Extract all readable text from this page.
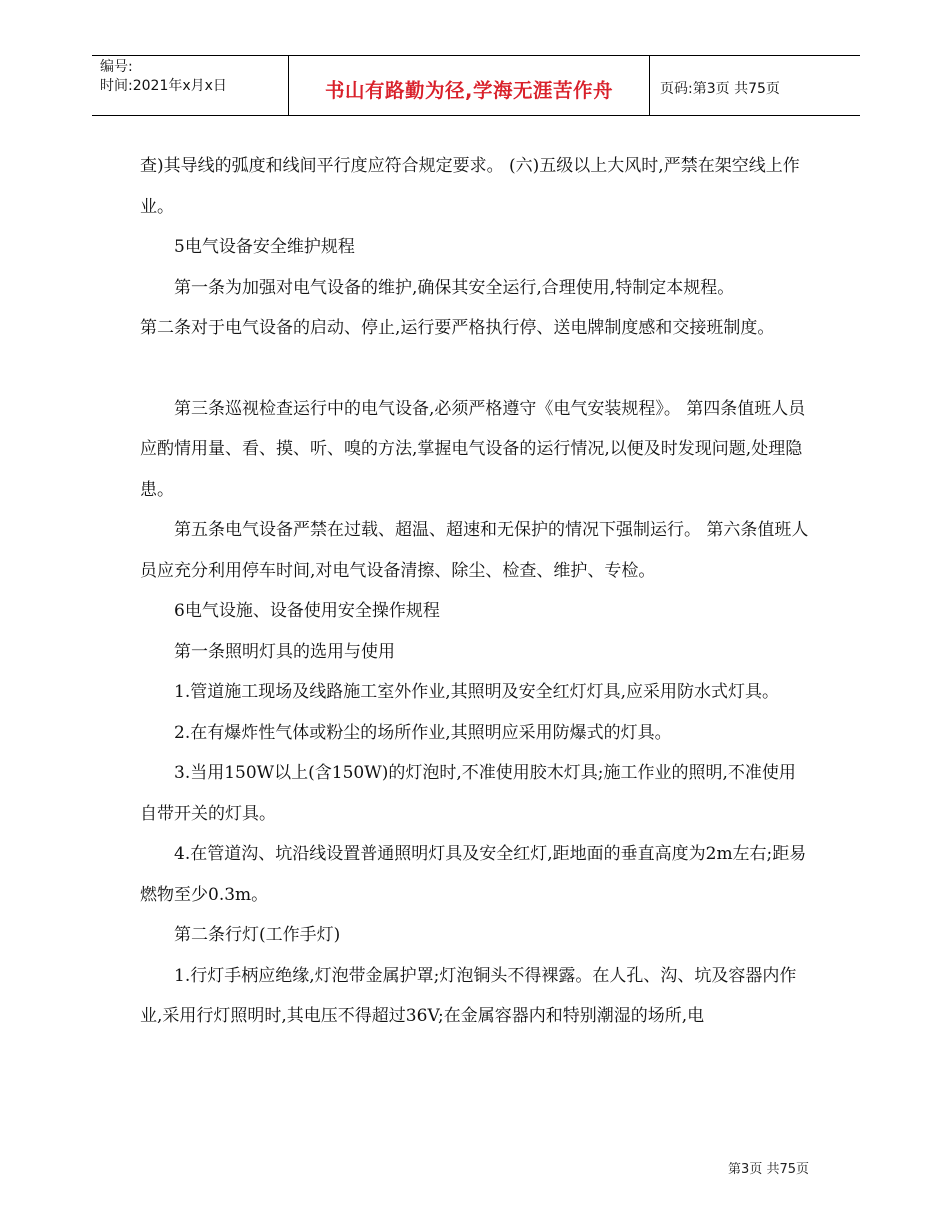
编号:
时间:2021年x月x日	书山有路勤为径,学海无涯苦作舟	页码:第3页 共75页

查)其导线的弧度和线间平行度应符合规定要求。 (六)五级以上大风时,严禁在架空线上作业。

5电气设备安全维护规程

第一条为加强对电气设备的维护,确保其安全运行,合理使用,特制定本规程。

第二条对于电气设备的启动、停止,运行要严格执行停、送电牌制度感和交接班制度。

第三条巡视检查运行中的电气设备,必须严格遵守《电气安装规程》。 第四条值班人员应酌情用量、看、摸、听、嗅的方法,掌握电气设备的运行情况,以便及时发现问题,处理隐患。

第五条电气设备严禁在过载、超温、超速和无保护的情况下强制运行。 第六条值班人员应充分利用停车时间,对电气设备清擦、除尘、检查、维护、专检。

6电气设施、设备使用安全操作规程

第一条照明灯具的选用与使用

1.管道施工现场及线路施工室外作业,其照明及安全红灯灯具,应采用防水式灯具。

2.在有爆炸性气体或粉尘的场所作业,其照明应采用防爆式的灯具。

3.当用150W以上(含150W)的灯泡时,不准使用胶木灯具;施工作业的照明,不准使用自带开关的灯具。

4.在管道沟、坑沿线设置普通照明灯具及安全红灯,距地面的垂直高度为2m左右;距易燃物至少0.3m。

第二条行灯(工作手灯)

1.行灯手柄应绝缘,灯泡带金属护罩;灯泡铜头不得裸露。在人孔、沟、坑及容器内作业,采用行灯照明时,其电压不得超过36V;在金属容器内和特别潮湿的场所,电

第3页 共75页
